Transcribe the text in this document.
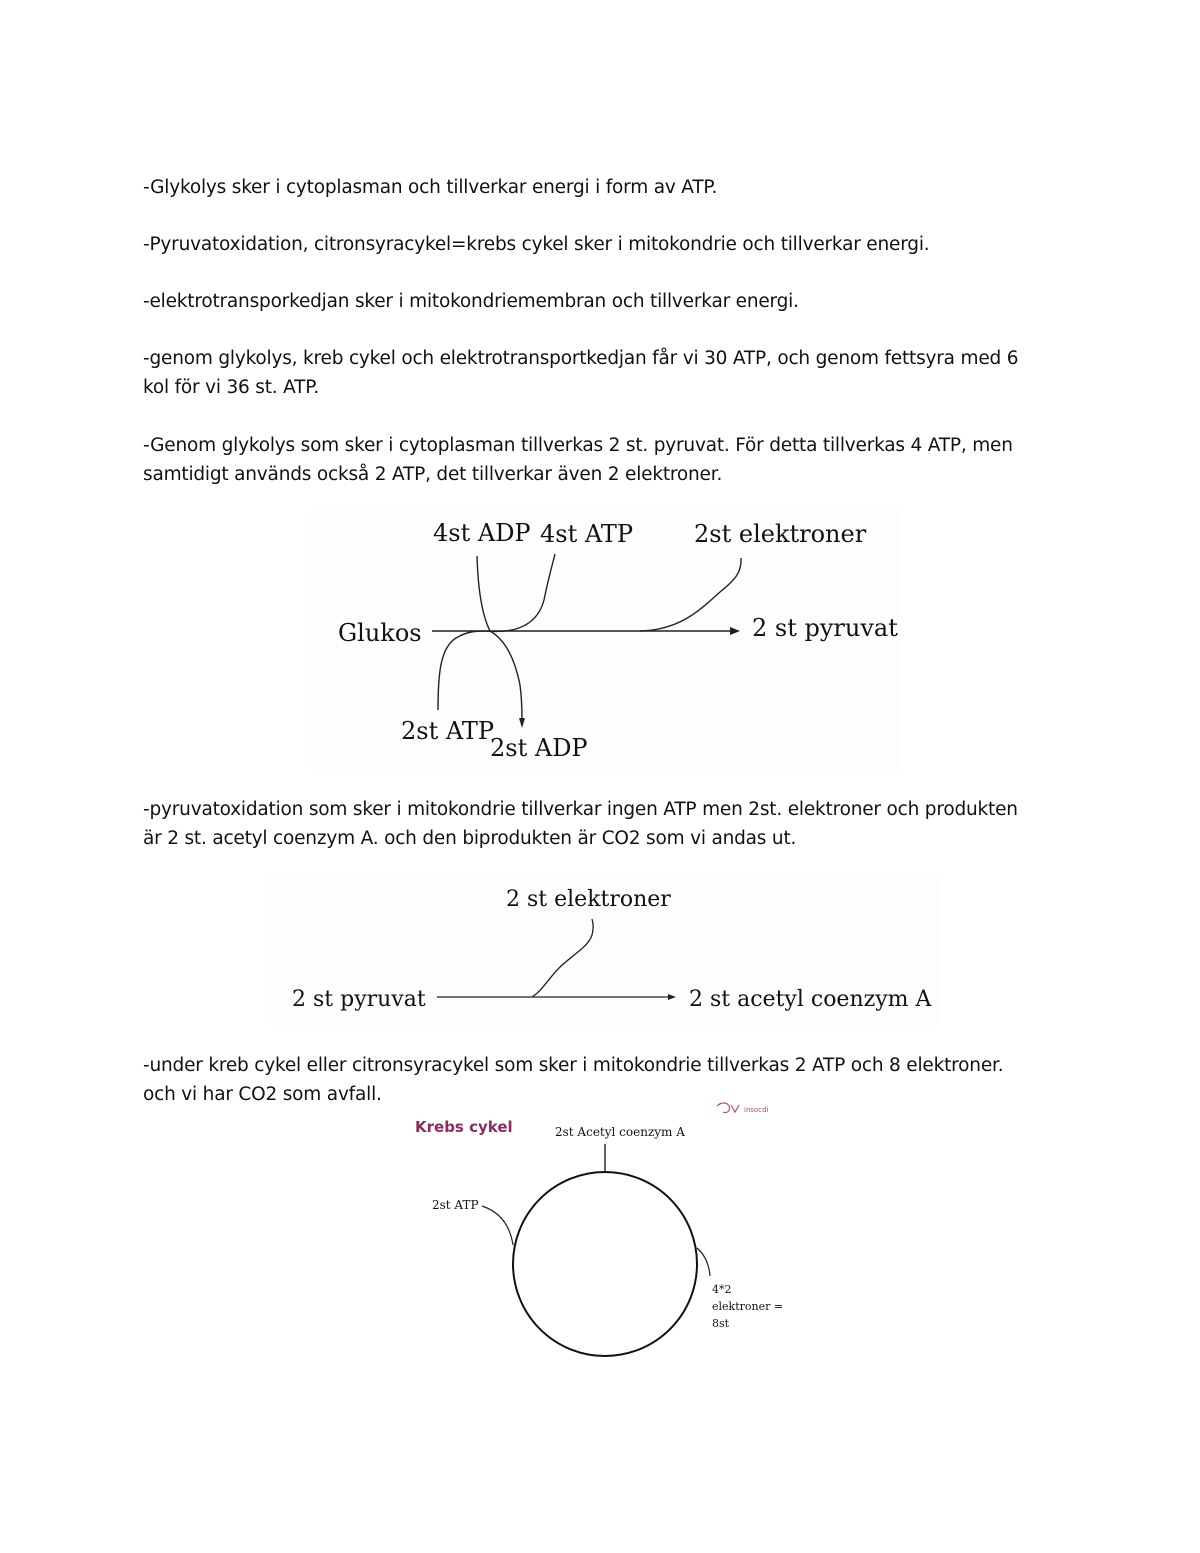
-Glykolys sker i cytoplasman och tillverkar energi i form av ATP.

-Pyruvatoxidation, citronsyracykel=krebs cykel sker i mitokondrie och tillverkar energi.

-elektrotransporkedjan sker i mitokondriemembran och tillverkar energi.

-genom glykolys, kreb cykel och elektrotransportkedjan får vi 30 ATP, och genom fettsyra med 6
kol för vi 36 st. ATP.

-Genom glykolys som sker i cytoplasman tillverkas 2 st. pyruvat. För detta tillverkas 4 ATP, men
samtidigt används också 2 ATP, det tillverkar även 2 elektroner.

4st ADP 4st ATP	2st elektroner
Glukos	2 st pyruvat
2st ATP
2st ADP

-pyruvatoxidation som sker i mitokondrie tillverkar ingen ATP men 2st. elektroner och produkten
är 2 st. acetyl coenzym A. och den biprodukten är CO2 som vi andas ut.

2 st elektroner
2 st pyruvat	2 st acetyl coenzym A

-under kreb cykel eller citronsyracykel som sker i mitokondrie tillverkas 2 ATP och 8 elektroner.
och vi har CO2 som avfall.

Krebs cykel
insocdi
2st Acetyl coenzym A
2st ATP
4*2
elektroner =
8st
